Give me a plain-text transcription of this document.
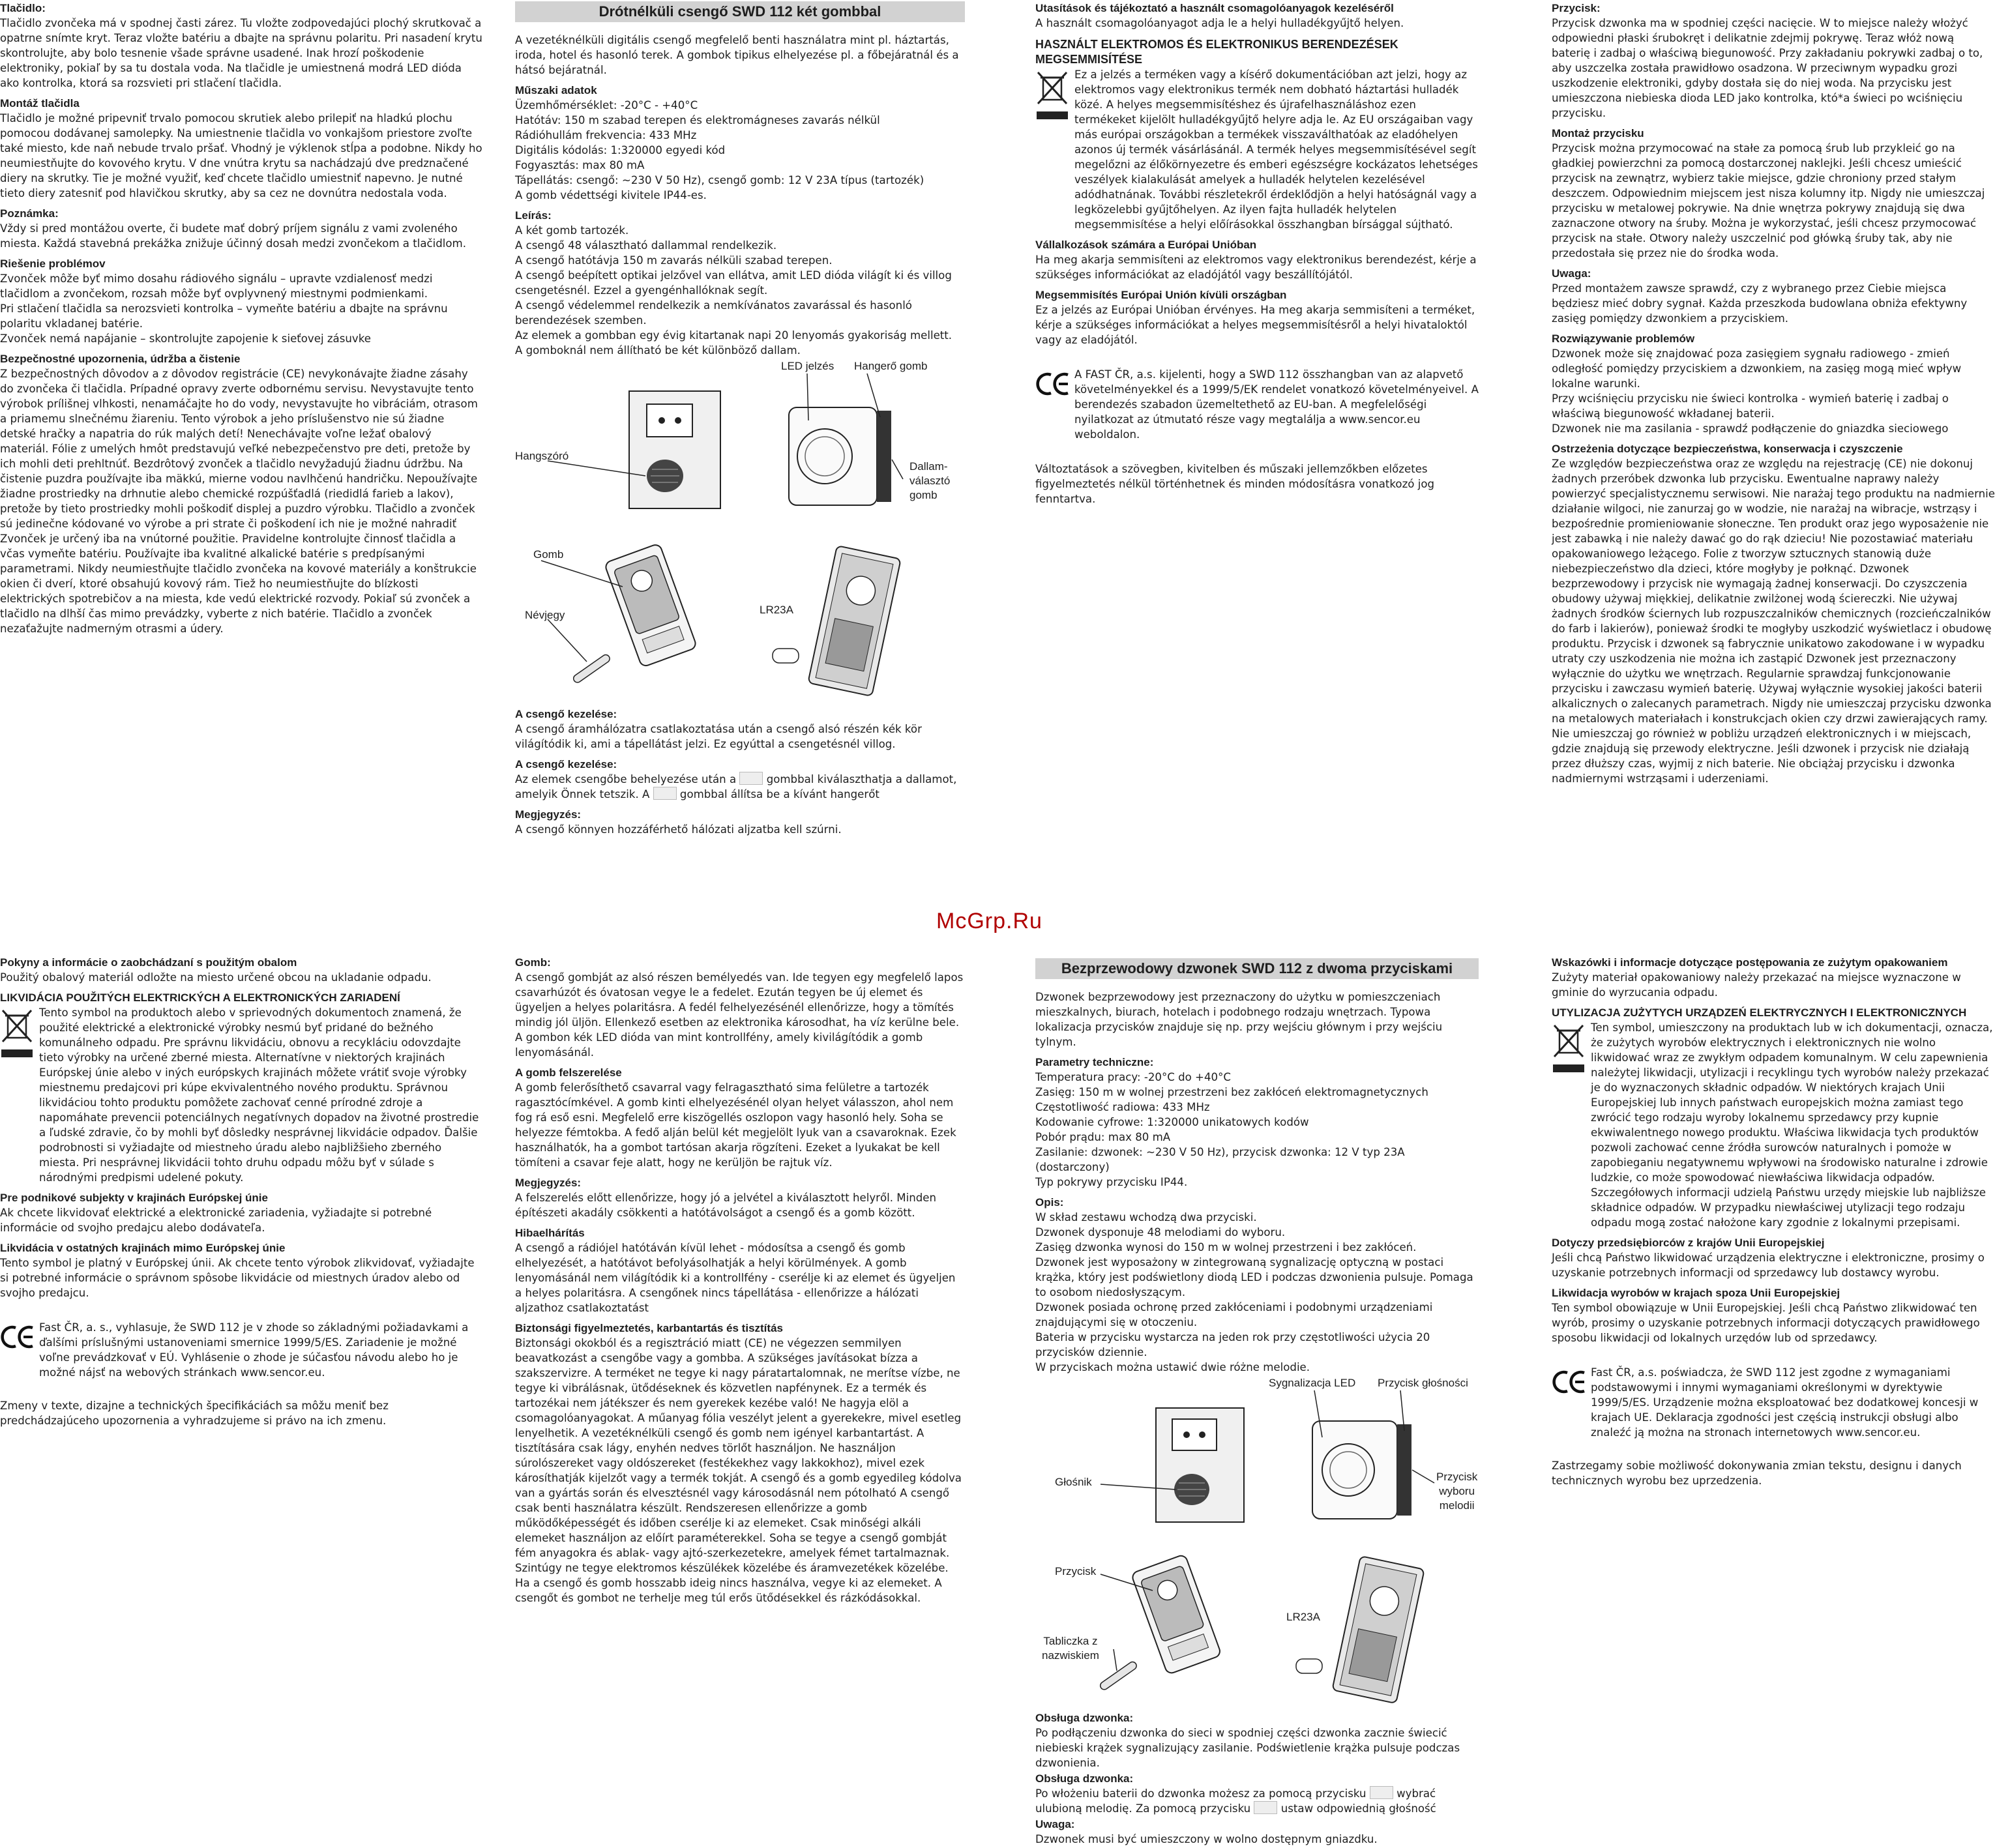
Tlačidlo:

Tlačidlo zvončeka má v spodnej časti zárez. Tu vložte zodpovedajúci plochý skrutkovač a opatrne snímte kryt. Teraz vložte batériu a dbajte na správnu polaritu. Pri nasadení krytu skontrolujte, aby bolo tesnenie všade správne usadené. Inak hrozí poškodenie elektroniky, pokiaľ by sa tu dostala voda. Na tlačidle je umiestnená modrá LED dióda ako kontrolka, ktorá sa rozsvieti pri stlačení tlačidla.

Montáž tlačidla

Tlačidlo je možné pripevniť trvalo pomocou skrutiek alebo prilepiť na hladkú plochu pomocou dodávanej samolepky. Na umiestnenie tlačidla vo vonkajšom priestore zvoľte také miesto, kde naň nebude trvalo pršať. Vhodný je výklenok stĺpa a podobne. Nikdy ho neumiestňujte do kovového krytu. V dne vnútra krytu sa nachádzajú dve predznačené diery na skrutky. Tie je možné využiť, keď chcete tlačidlo umiestniť napevno. Je nutné tieto diery zatesniť pod hlavičkou skrutky, aby sa cez ne dovnútra nedostala voda.

Poznámka:

Vždy si pred montážou overte, či budete mať dobrý príjem signálu z vami zvoleného miesta. Každá stavebná prekážka znižuje účinný dosah medzi zvončekom a tlačidlom.

Riešenie problémov

Zvonček môže byť mimo dosahu rádiového signálu – upravte vzdialenosť medzi tlačidlom a zvončekom, rozsah môže byť ovplyvnený miestnymi podmienkami.

Pri stlačení tlačidla sa nerozsvieti kontrolka – vymeňte batériu a dbajte na správnu polaritu vkladanej batérie.

Zvonček nemá napájanie – skontrolujte zapojenie k sieťovej zásuvke

Bezpečnostné upozornenia, údržba a čistenie

Z bezpečnostných dôvodov a z dôvodov registrácie (CE) nevykonávajte žiadne zásahy do zvončeka či tlačidla. Prípadné opravy zverte odbornému servisu. Nevystavujte tento výrobok prílišnej vlhkosti, nenamáčajte ho do vody, nevystavujte ho vibráciám, otrasom a priamemu slnečnému žiareniu. Tento výrobok a jeho príslušenstvo nie sú žiadne detské hračky a napatria do rúk malých detí! Nenechávajte voľne ležať obalový materiál. Fólie z umelých hmôt predstavujú veľké nebezpečenstvo pre deti, pretože by ich mohli deti prehltnúť. Bezdrôtový zvonček a tlačidlo nevyžadujú žiadnu údržbu. Na čistenie puzdra používajte iba mäkkú, mierne vodou navlhčenú handričku. Nepoužívajte žiadne prostriedky na drhnutie alebo chemické rozpúšťadlá (riedidlá farieb a lakov), pretože by tieto prostriedky mohli poškodiť displej a puzdro výrobku. Tlačidlo a zvonček sú jedinečne kódované vo výrobe a pri strate či poškodení ich nie je možné nahradiť Zvonček je určený iba na vnútorné použitie. Pravidelne kontrolujte činnosť tlačidla a včas vymeňte batériu. Používajte iba kvalitné alkalické batérie s predpísanými parametrami. Nikdy neumiestňujte tlačidlo zvončeka na kovové materiály a konštrukcie okien či dverí, ktoré obsahujú kovový rám. Tiež ho neumiestňujte do blízkosti elektrických spotrebičov a na miesta, kde vedú elektrické rozvody. Pokiaľ sú zvonček a tlačidlo na dlhší čas mimo prevádzky, vyberte z nich batérie. Tlačidlo a zvonček nezaťažujte nadmerným otrasmi a údery.

Drótnélküli csengő SWD 112 két gombbal

A vezetéknélküli digitális csengő megfelelő benti használatra mint pl. háztartás, iroda, hotel és hasonló terek. A gombok tipikus elhelyezése pl. a főbejáratnál és a hátsó bejáratnál.

Műszaki adatok

Üzemhőmérséklet: -20°C - +40°C

Hatótáv: 150 m szabad terepen és elektromágneses zavarás nélkül

Rádióhullám frekvencia: 433 MHz

Digitális kódolás: 1:320000 egyedi kód

Fogyasztás: max 80 mA

Tápellátás: csengő: ~230 V 50 Hz), csengő gomb: 12 V 23A típus (tartozék)

A gomb védettségi kivitele IP44-es.

Leírás:

A két gomb tartozék.

A csengő 48 választható dallammal rendelkezik.

A csengő hatótávja 150 m zavarás nélküli szabad terepen.

A csengő beépített optikai jelzővel van ellátva, amit LED dióda világít ki és villog csengetésnél. Ezzel a gyengénhallóknak segít.

A csengő védelemmel rendelkezik a nemkívánatos zavarással és hasonló berendezések szemben.

Az elemek a gombban egy évig kitartanak napi 20 lenyomás gyakoriság mellett.

A gomboknál nem állítható be két különböző dallam.

LED jelzés Hangerő gomb
Hangszóró
Dallam-
választó
gomb
Gomb
LR23A
Névjegy

A csengő kezelése:

A csengő áramhálózatra csatlakoztatása után a csengő alsó részén kék kör világítódik ki, ami a tápellátást jelzi. Ez egyúttal a csengetésnél villog.

A csengő kezelése:

Az elemek csengőbe behelyezése után a	gombbal kiválaszthatja a dallamot, amelyik Önnek tetszik. A	gombbal állítsa be a kívánt hangerőt

Megjegyzés:

A csengő könnyen hozzáférhető hálózati aljzatba kell szúrni.

Utasítások és tájékoztató a használt csomagolóanyagok kezeléséről

A használt csomagolóanyagot adja le a helyi hulladékgyűjtő helyen.

HASZNÁLT ELEKTROMOS ÉS ELEKTRONIKUS BERENDEZÉSEK MEGSEMMISÍTÉSE

Ez a jelzés a terméken vagy a kísérő dokumentációban azt jelzi, hogy az elektromos vagy elektronikus termék nem dobható háztartási hulladék közé. A helyes megsemmisítéshez és újrafelhasználáshoz ezen termékeket kijelölt hulladékgyűjtő helyre adja le. Az EU országaiban vagy más európai országokban a termékek visszaválthatóak az eladóhelyen azonos új termék vásárlásánál. A termék helyes megsemmisítésével segít megelőzni az élőkörnyezetre és emberi egészségre kockázatos lehetséges veszélyek kialakulását amelyek a hulladék helytelen kezelésével adódhatnának. További részletekről érdeklődjön a helyi hatóságnál vagy a legközelebbi gyűjtőhelyen. Az ilyen fajta hulladék helytelen megsemmisítése a helyi előírásokkal összhangban bírsággal sújtható.

Vállalkozások számára a Európai Unióban

Ha meg akarja semmisíteni az elektromos vagy elektronikus berendezést, kérje a szükséges információkat az eladójától vagy beszállítójától.

Megsemmisítés Európai Unión kívüli országban

Ez a jelzés az Európai Unióban érvényes. Ha meg akarja semmisíteni a terméket, kérje a szükséges információkat a helyes megsemmisítésről a helyi hivataloktól vagy az eladójától.

A FAST ČR, a.s. kijelenti, hogy a SWD 112 összhangban van az alapvető követelményekkel és a 1999/5/EK rendelet vonatkozó követelményeivel. A berendezés szabadon üzemeltethető az EU-ban. A megfelelőségi nyilatkozat az útmutató része vagy megtalálja a www.sencor.eu weboldalon.

Változtatások a szövegben, kivitelben és műszaki jellemzőkben előzetes figyelmeztetés nélkül történhetnek és minden módosításra vonatkozó jog fenntartva.

Przycisk:

Przycisk dzwonka ma w spodniej części nacięcie. W to miejsce należy włożyć odpowiedni płaski śrubokręt i delikatnie zdejmij pokrywę. Teraz włóż nową baterię i zadbaj o właściwą biegunowość. Przy zakładaniu pokrywki zadbaj o to, aby uszczelka została prawidłowo osadzona. W przeciwnym wypadku grozi uszkodzenie elektroniki, gdyby dostała się do niej woda. Na przycisku jest umieszczona niebieska dioda LED jako kontrolka, któ*a świeci po wciśnięciu przycisku.

Montaż przycisku

Przycisk można przymocować na stałe za pomocą śrub lub przykleić go na gładkiej powierzchni za pomocą dostarczonej naklejki. Jeśli chcesz umieścić przycisk na zewnątrz, wybierz takie miejsce, gdzie chroniony przed stałym deszczem. Odpowiednim miejscem jest nisza kolumny itp. Nigdy nie umieszczaj przycisku w metalowej pokrywie. Na dnie wnętrza pokrywy znajdują się dwa zaznaczone otwory na śruby. Można je wykorzystać, jeśli chcesz przymocować przycisk na stałe. Otwory należy uszczelnić pod główką śruby tak, aby nie przedostała się przez nie do środka woda.

Uwaga:

Przed montażem zawsze sprawdź, czy z wybranego przez Ciebie miejsca będziesz mieć dobry sygnał. Każda przeszkoda budowlana obniża efektywny zasięg pomiędzy dzwonkiem a przyciskiem.

Rozwiązywanie problemów

Dzwonek może się znajdować poza zasięgiem sygnału radiowego - zmień odległość pomiędzy przyciskiem a dzwonkiem, na zasięg mogą mieć wpływ lokalne warunki.

Przy wciśnięciu przycisku nie świeci kontrolka - wymień baterię i zadbaj o właściwą biegunowość wkładanej baterii.

Dzwonek nie ma zasilania - sprawdź podłączenie do gniazdka sieciowego

Ostrzeżenia dotyczące bezpieczeństwa, konserwacja i czyszczenie

Ze względów bezpieczeństwa oraz ze względu na rejestrację (CE) nie dokonuj żadnych przeróbek dzwonka lub przycisku. Ewentualne naprawy należy powierzyć specjalistycznemu serwisowi. Nie narażaj tego produktu na nadmiernie działanie wilgoci, nie zanurzaj go w wodzie, nie narażaj na wibracje, wstrząsy i bezpośrednie promieniowanie słoneczne. Ten produkt oraz jego wyposażenie nie jest zabawką i nie należy dawać go do rąk dzieciu! Nie pozostawiać materiału opakowaniowego leżącego. Folie z tworzyw sztucznych stanowią duże niebezpieczeństwo dla dzieci, które mogłyby je połknąć. Dzwonek bezprzewodowy i przycisk nie wymagają żadnej konserwacji. Do czyszczenia obudowy używaj miękkiej, delikatnie zwilżonej wodą ściereczki. Nie używaj żadnych środków ściernych lub rozpuszczalników chemicznych (rozcieńczalników do farb i lakierów), ponieważ środki te mogłyby uszkodzić wyświetlacz i obudowę produktu. Przycisk i dzwonek są fabrycznie unikatowo zakodowane i w wypadku utraty czy uszkodzenia nie można ich zastąpić Dzwonek jest przeznaczony wyłącznie do użytku we wnętrzach. Regularnie sprawdzaj funkcjonowanie przycisku i zawczasu wymień baterię. Używaj wyłącznie wysokiej jakości baterii alkalicznych o zalecanych parametrach. Nigdy nie umieszczaj przycisku dzwonka na metalowych materiałach i konstrukcjach okien czy drzwi zawierających ramy. Nie umieszczaj go również w pobliżu urządzeń elektronicznych i w miejscach, gdzie znajdują się przewody elektryczne. Jeśli dzwonek i przycisk nie działają przez dłuższy czas, wyjmij z nich baterie. Nie obciążaj przycisku i dzwonka nadmiernymi wstrząsami i uderzeniami.

McGrp.Ru

Pokyny a informácie o zaobchádzaní s použitým obalom

Použitý obalový materiál odložte na miesto určené obcou na ukladanie odpadu.

LIKVIDÁCIA POUŽITÝCH ELEKTRICKÝCH A ELEKTRONICKÝCH ZARIADENÍ

Tento symbol na produktoch alebo v sprievodných dokumentoch znamená, že použité elektrické a elektronické výrobky nesmú byť pridané do bežného komunálneho odpadu. Pre správnu likvidáciu, obnovu a recykláciu odovzdajte tieto výrobky na určené zberné miesta. Alternatívne v niektorých krajinách Európskej únie alebo v iných európskych krajinách môžete vrátiť svoje výrobky miestnemu predajcovi pri kúpe ekvivalentného nového produktu. Správnou likvidáciou tohto produktu pomôžete zachovať cenné prírodné zdroje a napomáhate prevencii potenciálnych negatívnych dopadov na životné prostredie a ľudské zdravie, čo by mohli byť dôsledky nesprávnej likvidácie odpadov. Ďalšie podrobnosti si vyžiadajte od miestneho úradu alebo najbližšieho zberného miesta. Pri nesprávnej likvidácii tohto druhu odpadu môžu byť v súlade s národnými predpismi udelené pokuty.

Pre podnikové subjekty v krajinách Európskej únie

Ak chcete likvidovať elektrické a elektronické zariadenia, vyžiadajte si potrebné informácie od svojho predajcu alebo dodávateľa.

Likvidácia v ostatných krajinách mimo Európskej únie

Tento symbol je platný v Európskej únii. Ak chcete tento výrobok zlikvidovať, vyžiadajte si potrebné informácie o správnom spôsobe likvidácie od miestnych úradov alebo od svojho predajcu.

Fast ČR, a. s., vyhlasuje, že SWD 112 je v zhode so základnými požiadavkami a ďalšími príslušnými ustanoveniami smernice 1999/5/ES. Zariadenie je možné voľne prevádzkovať v EÚ. Vyhlásenie o zhode je súčasťou návodu alebo ho je možné nájsť na webových stránkach www.sencor.eu.

Zmeny v texte, dizajne a technických špecifikáciách sa môžu meniť bez predchádzajúceho upozornenia a vyhradzujeme si právo na ich zmenu.

Gomb:

A csengő gombját az alsó részen bemélyedés van. Ide tegyen egy megfelelő lapos csavarhúzót és óvatosan vegye le a fedelet. Ezután tegyen be új elemet és ügyeljen a helyes polaritásra. A fedél felhelyezésénél ellenőrizze, hogy a tömítés mindig jól üljön. Ellenkező esetben az elektronika károsodhat, ha víz kerülne bele. A gombon kék LED dióda van mint kontrollfény, amely kivilágítódik a gomb lenyomásánál.

A gomb felszerelése

A gomb felerősíthető csavarral vagy felragasztható sima felületre a tartozék ragasztócímkével. A gomb kinti elhelyezésénél olyan helyet válasszon, ahol nem fog rá eső esni. Megfelelő erre kiszögellés oszlopon vagy hasonló hely. Soha se helyezze fémtokba. A fedő alján belül két megjelölt lyuk van a csavaroknak. Ezek használhatók, ha a gombot tartósan akarja rögzíteni. Ezeket a lyukakat be kell tömíteni a csavar feje alatt, hogy ne kerüljön be rajtuk víz.

Megjegyzés:

A felszerelés előtt ellenőrizze, hogy jó a jelvétel a kiválasztott helyről. Minden építészeti akadály csökkenti a hatótávolságot a csengő és a gomb között.

Hibaelhárítás

A csengő a rádiójel hatótáván kívül lehet - módosítsa a csengő és gomb elhelyezését, a hatótávot befolyásolhatják a helyi körülmények. A gomb lenyomásánál nem világítódik ki a kontrollfény - cserélje ki az elemet és ügyeljen a helyes polaritásra. A csengőnek nincs tápellátása - ellenőrizze a hálózati aljzathoz csatlakoztatást

Biztonsági figyelmeztetés, karbantartás és tisztítás

Biztonsági okokból és a regisztráció miatt (CE) ne végezzen semmilyen beavatkozást a csengőbe vagy a gombba. A szükséges javításokat bízza a szakszervizre. A terméket ne tegye ki nagy páratartalomnak, ne merítse vízbe, ne tegye ki vibrálásnak, ütődéseknek és közvetlen napfénynek. Ez a termék és tartozékai nem játékszer és nem gyerekek kezébe való! Ne hagyja elöl a csomagolóanyagokat. A műanyag fólia veszélyt jelent a gyerekekre, mivel esetleg lenyelhetik. A vezetéknélküli csengő és gomb nem igényel karbantartást. A tisztítására csak lágy, enyhén nedves törlőt használjon. Ne használjon súrolószereket vagy oldószereket (festékekhez vagy lakkokhoz), mivel ezek károsíthatják kijelzőt vagy a termék tokját. A csengő és a gomb egyedileg kódolva van a gyártás során és elvesztésnél vagy károsodásnál nem pótolható A csengő csak benti használatra készült. Rendszeresen ellenőrizze a gomb működőképességét és időben cserélje ki az elemeket. Csak minőségi alkáli elemeket használjon az előírt paraméterekkel. Soha se tegye a csengő gombját fém anyagokra és ablak- vagy ajtó-szerkezetekre, amelyek fémet tartalmaznak. Szintúgy ne tegye elektromos készülékek közelébe és áramvezetékek közelébe. Ha a csengő és gomb hosszabb ideig nincs használva, vegye ki az elemeket. A csengőt és gombot ne terhelje meg túl erős ütődésekkel és rázkódásokkal.

Bezprzewodowy dzwonek SWD 112 z dwoma przyciskami

Dzwonek bezprzewodowy jest przeznaczony do użytku w pomieszczeniach mieszkalnych, biurach, hotelach i podobnego rodzaju wnętrzach. Typowa lokalizacja przycisków znajduje się np. przy wejściu głównym i przy wejściu tylnym.

Parametry techniczne:

Temperatura pracy: -20°C do +40°C

Zasięg: 150 m w wolnej przestrzeni bez zakłóceń elektromagnetycznych

Częstotliwość radiowa: 433 MHz

Kodowanie cyfrowe: 1:320000 unikatowych kodów

Pobór prądu: max 80 mA

Zasilanie: dzwonek: ~230 V 50 Hz), przycisk dzwonka: 12 V typ 23A (dostarczony)

Typ pokrywy przycisku IP44.

Opis:

W skład zestawu wchodzą dwa przyciski.

Dzwonek dysponuje 48 melodiami do wyboru.

Zasięg dzwonka wynosi do 150 m w wolnej przestrzeni i bez zakłóceń.

Dzwonek jest wyposażony w zintegrowaną sygnalizację optyczną w postaci krążka, który jest podświetlony diodą LED i podczas dzwonienia pulsuje. Pomaga to osobom niedosłyszącym.

Dzwonek posiada ochronę przed zakłóceniami i podobnymi urządzeniami znajdującymi się w otoczeniu.

Bateria w przycisku wystarcza na jeden rok przy częstotliwości użycia 20 przycisków dziennie.

W przyciskach można ustawić dwie różne melodie.

Sygnalizacja LED Przycisk głośności
Głośnik	Przycisk
wyboru
melodii
Przycisk
LR23A
Tabliczka z
nazwiskiem

Obsługa dzwonka:

Po podłączeniu dzwonka do sieci w spodniej części dzwonka zacznie świecić niebieski krążek sygnalizujący zasilanie. Podświetlenie krążka pulsuje podczas dzwonienia.

Obsługa dzwonka:

Po włożeniu baterii do dzwonka możesz za pomocą przycisku	wybrać ulubioną melodię. Za pomocą przycisku	ustaw odpowiednią głośność

Uwaga:

Dzwonek musi być umieszczony w wolno dostępnym gniazdku.

Wskazówki i informacje dotyczące postępowania ze zużytym opakowaniem

Zużyty materiał opakowaniowy należy przekazać na miejsce wyznaczone w gminie do wyrzucania odpadu.

UTYLIZACJA ZUŻYTYCH URZĄDZEŃ ELEKTRYCZNYCH I ELEKTRONICZNYCH

Ten symbol, umieszczony na produktach lub w ich dokumentacji, oznacza, że zużytych wyrobów elektrycznych i elektronicznych nie wolno likwidować wraz ze zwykłym odpadem komunalnym. W celu zapewnienia należytej likwidacji, utylizacji i recyklingu tych wyrobów należy przekazać je do wyznaczonych składnic odpadów. W niektórych krajach Unii Europejskiej lub innych państwach europejskich można zamiast tego zwrócić tego rodzaju wyroby lokalnemu sprzedawcy przy kupnie ekwiwalentnego nowego produktu. Właściwa likwidacja tych produktów pozwoli zachować cenne źródła surowców naturalnych i pomoże w zapobieganiu negatywnemu wpływowi na środowisko naturalne i zdrowie ludzkie, co może spowodować niewłaściwa likwidacja odpadów. Szczegółowych informacji udzielą Państwu urzędy miejskie lub najbliższe składnice odpadów. W przypadku niewłaściwej utylizacji tego rodzaju odpadu mogą zostać nałożone kary zgodnie z lokalnymi przepisami.

Dotyczy przedsiębiorców z krajów Unii Europejskiej

Jeśli chcą Państwo likwidować urządzenia elektryczne i elektroniczne, prosimy o uzyskanie potrzebnych informacji od sprzedawcy lub dostawcy wyrobu.

Likwidacja wyrobów w krajach spoza Unii Europejskiej

Ten symbol obowiązuje w Unii Europejskiej. Jeśli chcą Państwo zlikwidować ten wyrób, prosimy o uzyskanie potrzebnych informacji dotyczących prawidłowego sposobu likwidacji od lokalnych urzędów lub od sprzedawcy.

Fast ČR, a.s. poświadcza, że SWD 112 jest zgodne z wymaganiami podstawowymi i innymi wymaganiami określonymi w dyrektywie 1999/5/ES. Urządzenie można eksploatować bez dodatkowej koncesji w krajach UE. Deklaracja zgodności jest częścią instrukcji obsługi albo znaleźć ją można na stronach internetowych www.sencor.eu.

Zastrzegamy sobie możliwość dokonywania zmian tekstu, designu i danych technicznych wyrobu bez uprzedzenia.
